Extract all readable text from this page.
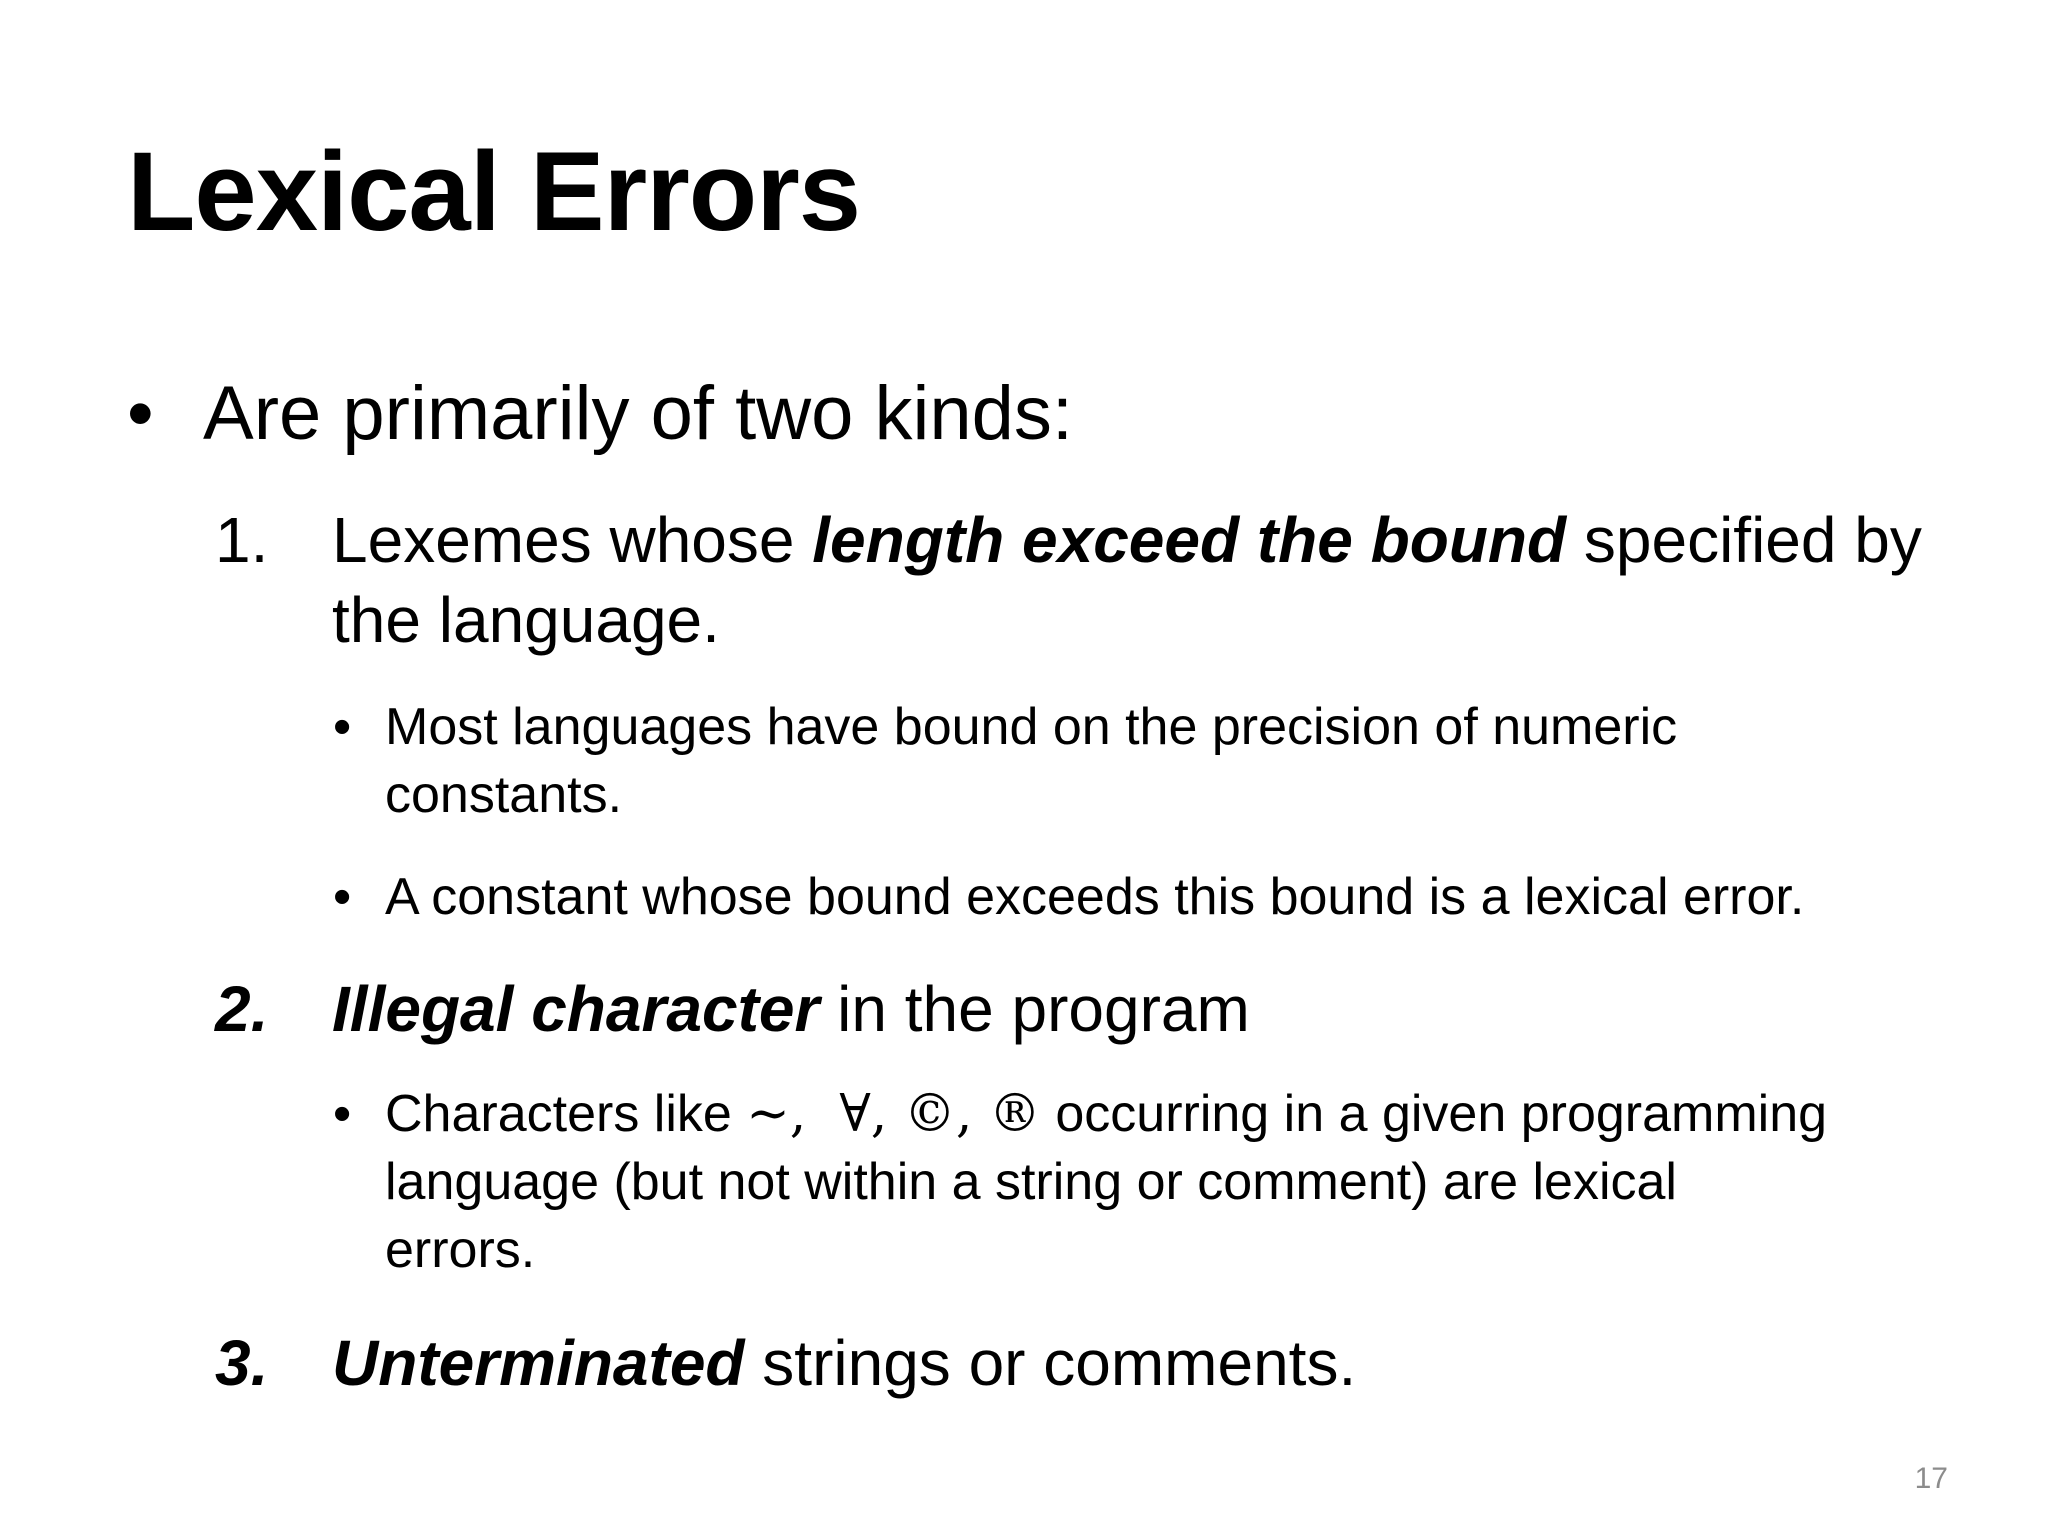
Lexical Errors
• Are primarily of two kinds:
1. Lexemes whose length exceed the bound specified by
the language.
• Most languages have bound on the precision of numeric
constants.
• A constant whose bound exceeds this bound is a lexical error.
2. Illegal character in the program
• Characters like ~,  ∀, ©, ® occurring in a given programming
language (but not within a string or comment) are lexical
errors.
3. Unterminated strings or comments.
17
